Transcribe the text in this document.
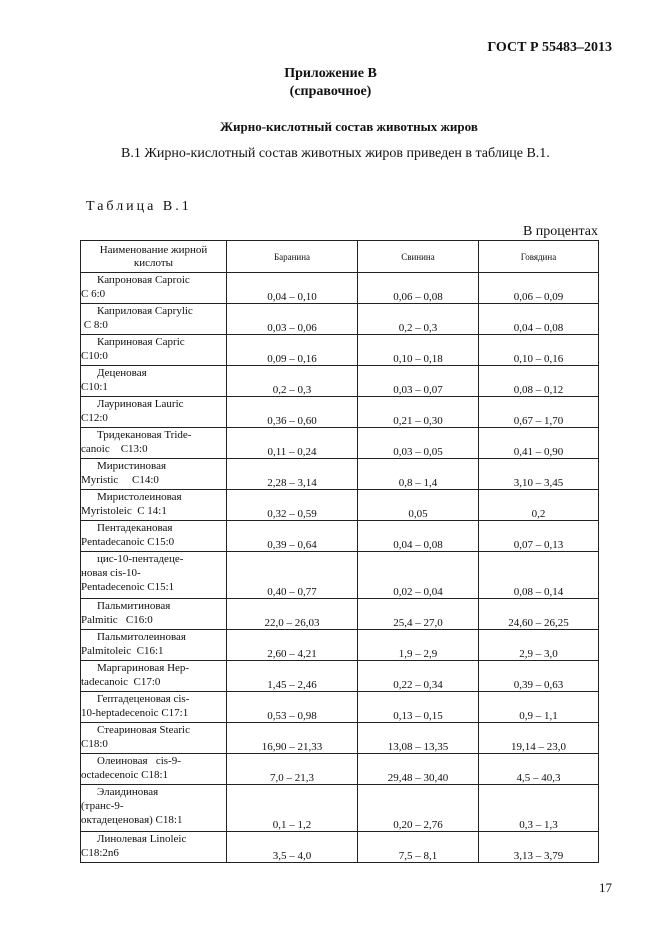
ГОСТ Р 55483–2013
Приложение В
(справочное)
Жирно-кислотный состав животных жиров
В.1 Жирно-кислотный состав животных жиров приведен в таблице В.1.
Таблица В.1
В процентах
Наименование жирной кислоты	Баранина	Свинина	Говядина

Капроновая Caproic
C 6:0	0,04 – 0,10	0,06 – 0,08	0,06 – 0,09

Каприловая Caprylic
C 8:0	0,03 – 0,06	0,2 – 0,3	0,04 – 0,08

Каприновая Capric
C10:0	0,09 – 0,16	0,10 – 0,18	0,10 – 0,16

Деценовая
C10:1	0,2 – 0,3	0,03 – 0,07	0,08 – 0,12

Лауриновая Lauric
C12:0	0,36 – 0,60	0,21 – 0,30	0,67 – 1,70

Тридекановая Tride-
canoic    C13:0	0,11 – 0,24	0,03 – 0,05	0,41 – 0,90

Миристиновая
Myristic     C14:0	2,28 – 3,14	0,8 – 1,4	3,10 – 3,45

Миристолеиновая
Myristoleic  C 14:1	0,32 – 0,59	0,05	0,2

Пентадекановая
Pentadecanoic C15:0	0,39 – 0,64	0,04 – 0,08	0,07 – 0,13

цис-10-пентадеце-
новая cis-10-
Pentadecenoic C15:1	0,40 – 0,77	0,02 – 0,04	0,08 – 0,14

Пальмитиновая
Palmitic   C16:0	22,0 – 26,03	25,4 – 27,0	24,60 – 26,25

Пальмитолеиновая
Palmitoleic  C16:1	2,60 – 4,21	1,9 – 2,9	2,9 – 3,0

Маргариновая Hep-
tadecanoic  C17:0	1,45 – 2,46	0,22 – 0,34	0,39 – 0,63

Гептадеценовая cis-
10-heptadecenoic C17:1	0,53 – 0,98	0,13 – 0,15	0,9 – 1,1

Стеариновая Stearic
C18:0	16,90 – 21,33	13,08 – 13,35	19,14 – 23,0

Олеиновая   cis-9-
octadecenoic C18:1	7,0 – 21,3	29,48 – 30,40	4,5 – 40,3

Элаидиновая
(транс-9-
октадеценовая) C18:1	0,1 – 1,2	0,20 – 2,76	0,3 – 1,3

Линолевая Linoleic
C18:2n6	3,5 – 4,0	7,5 – 8,1	3,13 – 3,79
17
